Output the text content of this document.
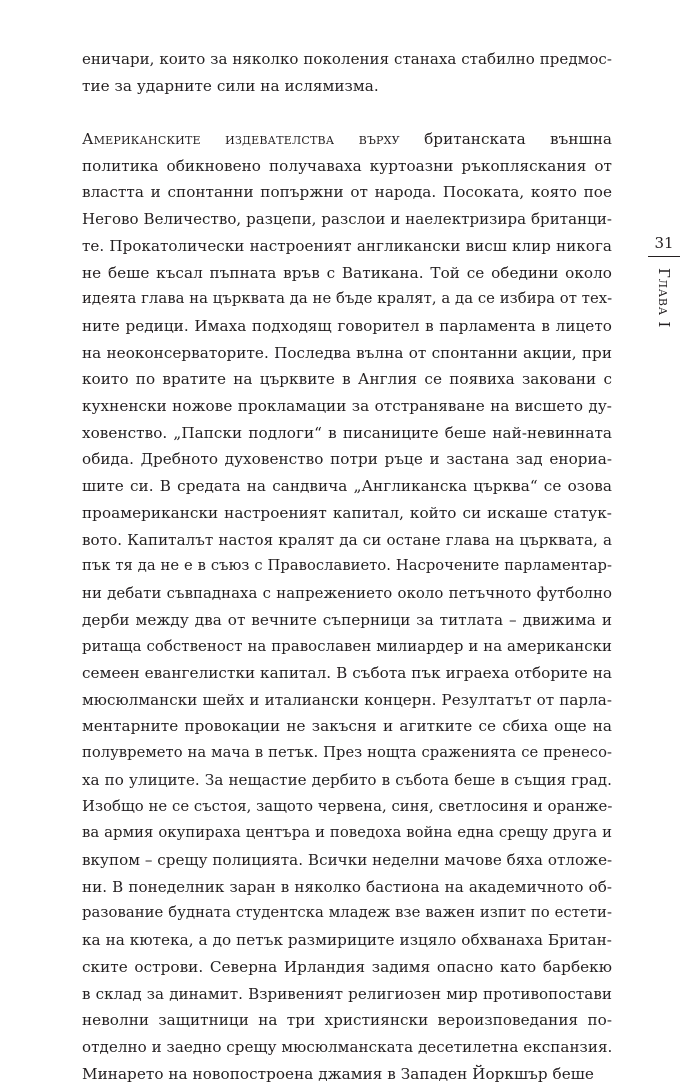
еничари, които за няколко поколения станаха стабилно предмос-
тие за ударните сили на ислямизма.

Американските издевателства върху британската външна
политика обикновено получаваха куртоазни ръкопляскания от
властта и спонтанни попържни от народа. Посоката, която пое
Негово Величество, разцепи, разслои и наелектризира британци-
те. Прокатолически настроеният англикански висш клир никога
не беше късал пъпната връв с Ватикана. Той се обедини около
идеята глава на църквата да не бъде кралят, а да се избира от тех-
ните редици. Имаха подходящ говорител в парламента в лицето
на неоконсерваторите. Последва вълна от спонтанни акции, при
които по вратите на църквите в Англия се появиха заковани с
кухненски ножове прокламации за отстраняване на висшето ду-
ховенство. „Папски подлоги“ в писаниците беше най-невинната
обида. Дребното духовенство потри ръце и застана зад енориа-
шите си. В средата на сандвича „Англиканска църква“ се озова
проамерикански настроеният капитал, който си искаше статук-
вото. Капиталът настоя кралят да си остане глава на църквата, а
пък тя да не е в съюз с Православието. Насрочените парламентар-
ни дебати съвпаднаха с напрежението около петъчното футболно
дерби между два от вечните съперници за титлата – движима и
ритаща собственост на православен милиардер и на американски
семеен евангелистки капитал. В събота пък играеха отборите на
мюсюлмански шейх и италиански концерн. Резултатът от парла-
ментарните провокации не закъсня и агитките се сбиха още на
полувремето на мача в петък. През нощта сраженията се пренесо-
ха по улиците. За нещастие дербито в събота беше в същия град.
Изобщо не се състоя, защото червена, синя, светлосиня и оранже-
ва армия окупираха центъра и поведоха война една срещу друга и
вкупом – срещу полицията. Всички неделни мачове бяха отложе-
ни. В понеделник заран в няколко бастиона на академичното об-
разование будната студентска младеж взе важен изпит по естети-
ка на кютека, а до петък размириците изцяло обхванаха Британ-
ските острови. Северна Ирландия задимя опасно като барбекю
в склад за динамит. Взривеният религиозен мир противопостави
неволни защитници на три християнски вероизповедания по-
отделно и заедно срещу мюсюлманската десетилетна експанзия.
Минарето на новопостроена джамия в Западен Йоркшър беше

31
Глава I
